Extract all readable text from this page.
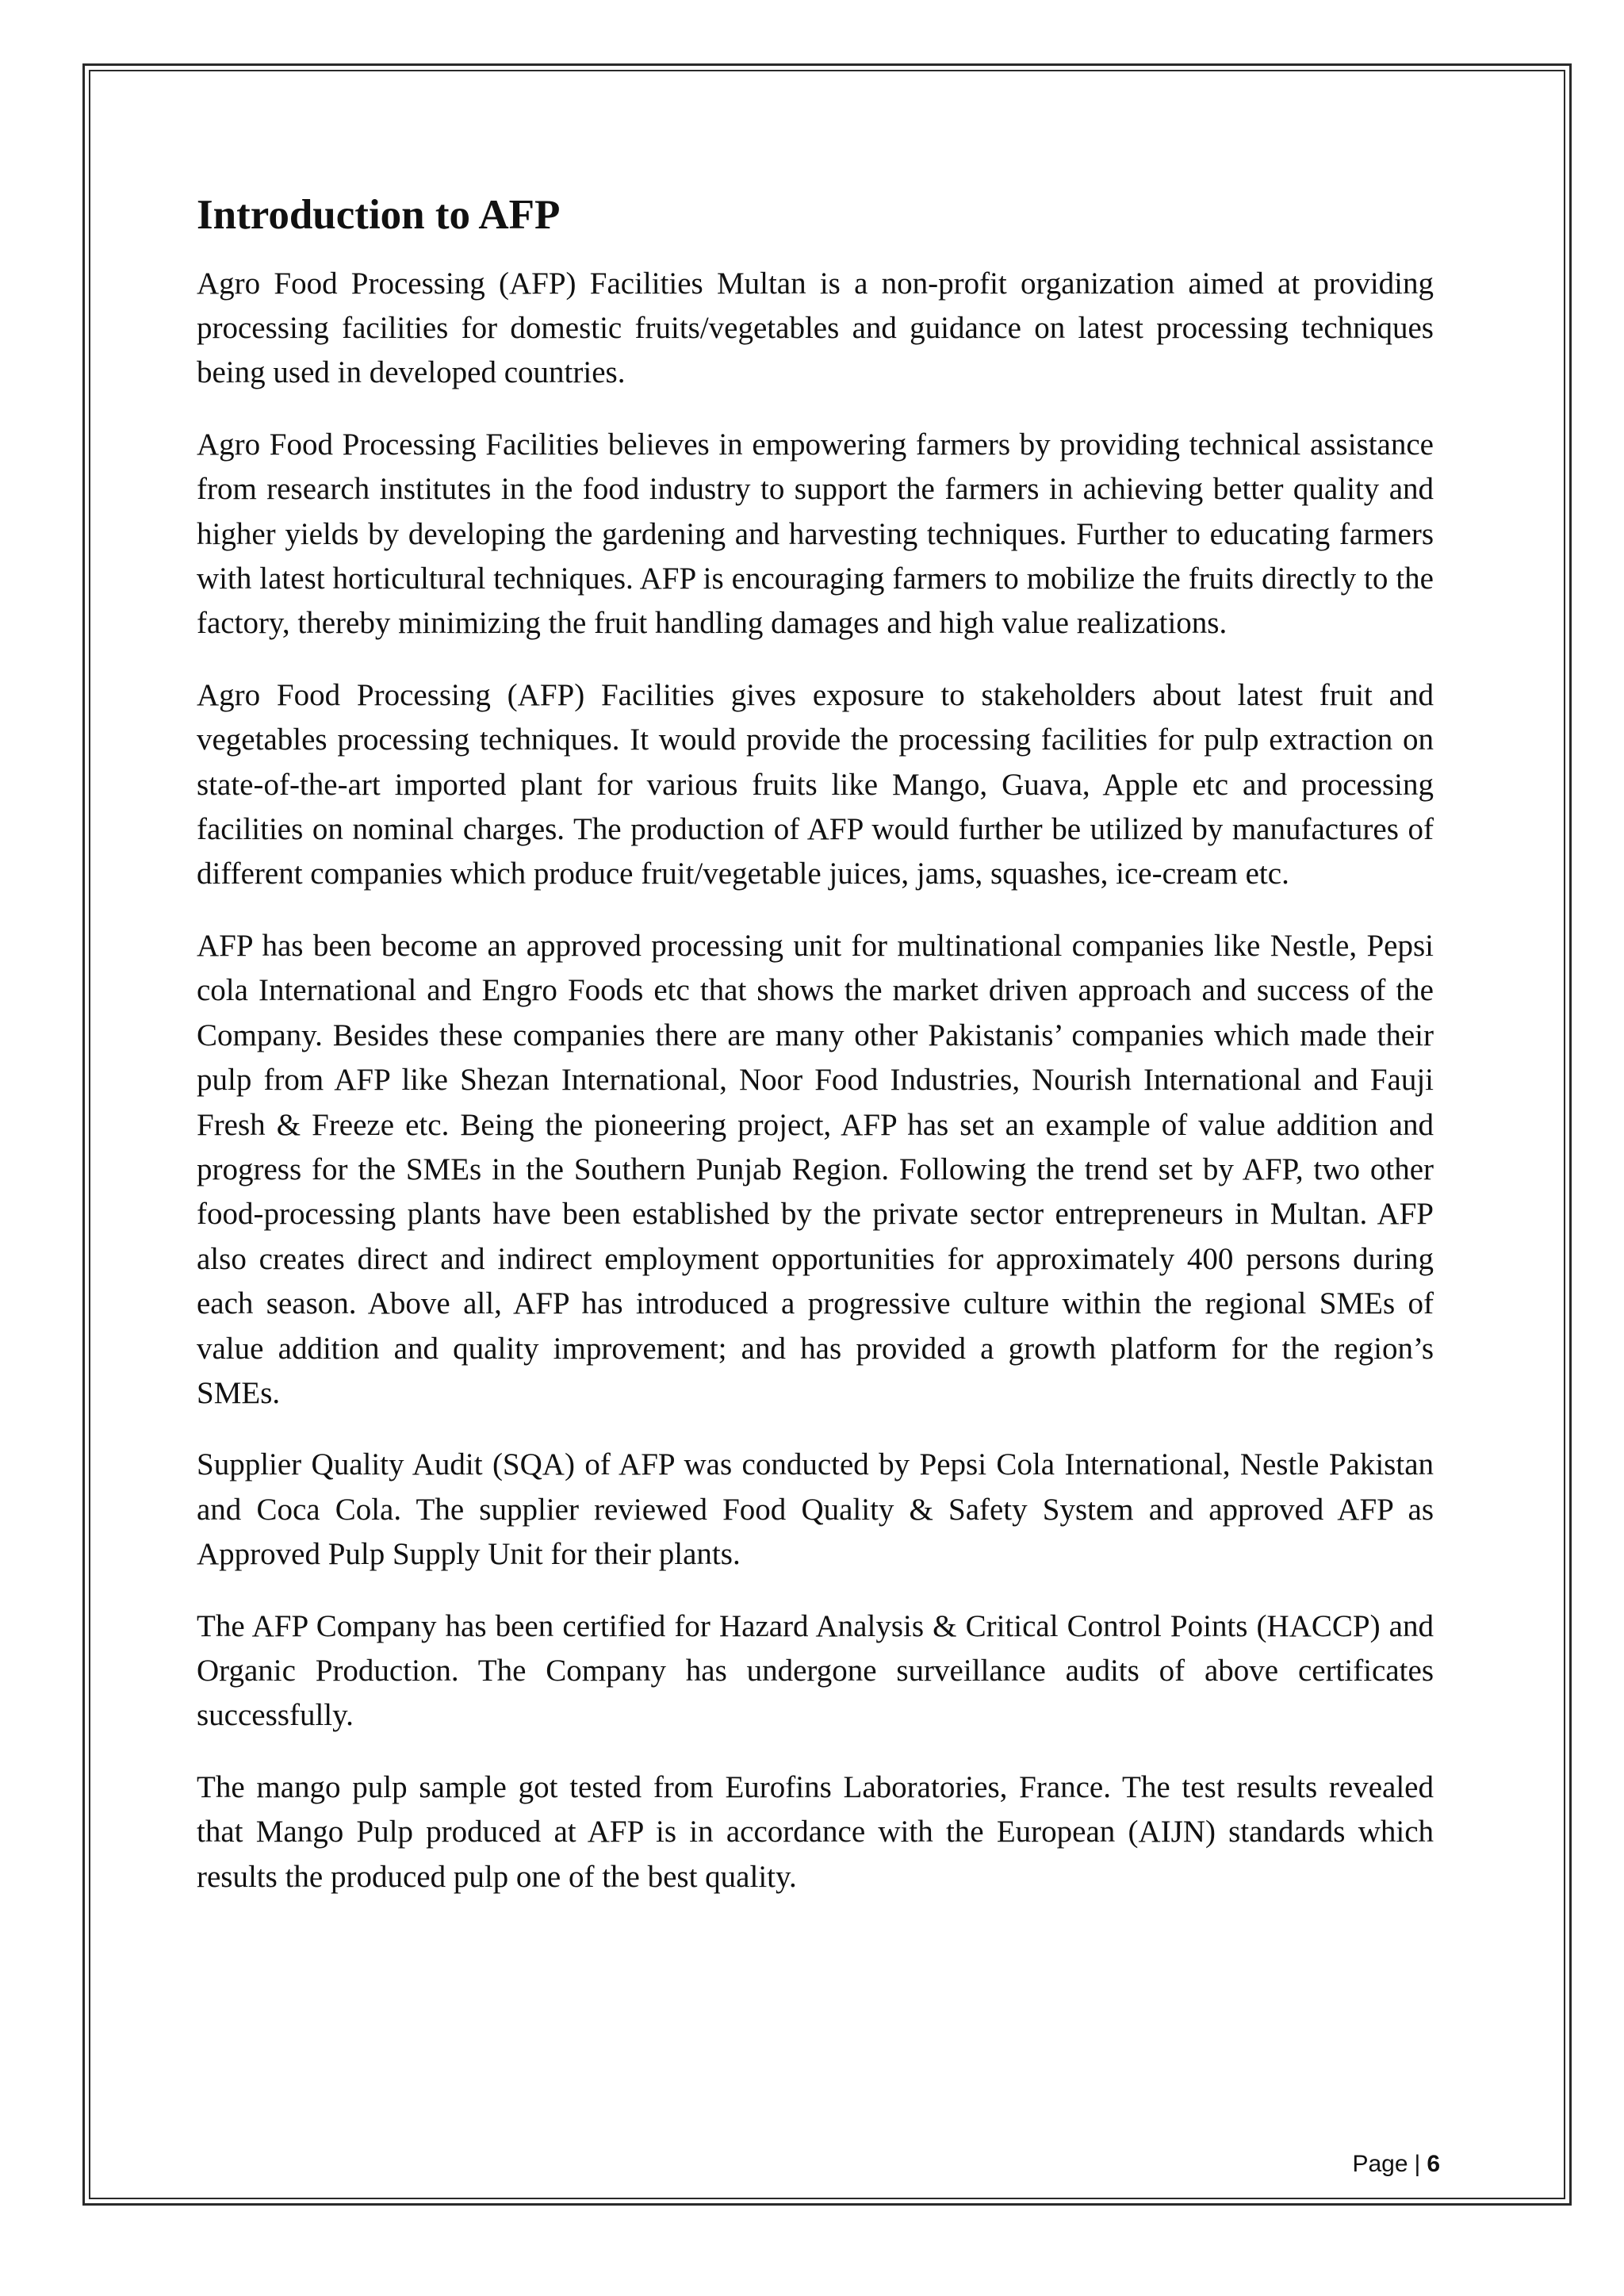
Introduction to AFP

Agro Food Processing (AFP) Facilities Multan is a non-profit organization aimed at providing processing facilities for domestic fruits/vegetables and guidance on latest processing techniques being used in developed countries.

Agro Food Processing Facilities believes in empowering farmers by providing technical assistance from research institutes in the food industry to support the farmers in achieving better quality and higher yields by developing the gardening and harvesting techniques. Further to educating farmers with latest horticultural techniques. AFP is encouraging farmers to mobilize the fruits directly to the factory, thereby minimizing the fruit handling damages and high value realizations.

Agro Food Processing (AFP) Facilities gives exposure to stakeholders about latest fruit and vegetables processing techniques. It would provide the processing facilities for pulp extraction on state-of-the-art imported plant for various fruits like Mango, Guava, Apple etc and processing facilities on nominal charges. The production of AFP would further be utilized by manufactures of different companies which produce fruit/vegetable juices, jams, squashes, ice-cream etc.

AFP has been become an approved processing unit for multinational companies like Nestle, Pepsi cola International and Engro Foods etc that shows the market driven approach and success of the Company. Besides these companies there are many other Pakistanis’ companies which made their pulp from AFP like Shezan International, Noor Food Industries, Nourish International and Fauji Fresh & Freeze etc. Being the pioneering project, AFP has set an example of value addition and progress for the SMEs in the Southern Punjab Region. Following the trend set by AFP, two other food-processing plants have been established by the private sector entrepreneurs in Multan. AFP also creates direct and indirect employment opportunities for approximately 400 persons during each season. Above all, AFP has introduced a progressive culture within the regional SMEs of value addition and quality improvement; and has provided a growth platform for the region’s SMEs.

Supplier Quality Audit (SQA) of AFP was conducted by Pepsi Cola International, Nestle Pakistan and Coca Cola. The supplier reviewed Food Quality & Safety System and approved AFP as Approved Pulp Supply Unit for their plants.

The AFP Company has been certified for Hazard Analysis & Critical Control Points (HACCP) and Organic Production. The Company has undergone surveillance audits of above certificates successfully.

The mango pulp sample got tested from Eurofins Laboratories, France. The test results revealed that Mango Pulp produced at AFP is in accordance with the European (AIJN) standards which results the produced pulp one of the best quality.

Page | 6
